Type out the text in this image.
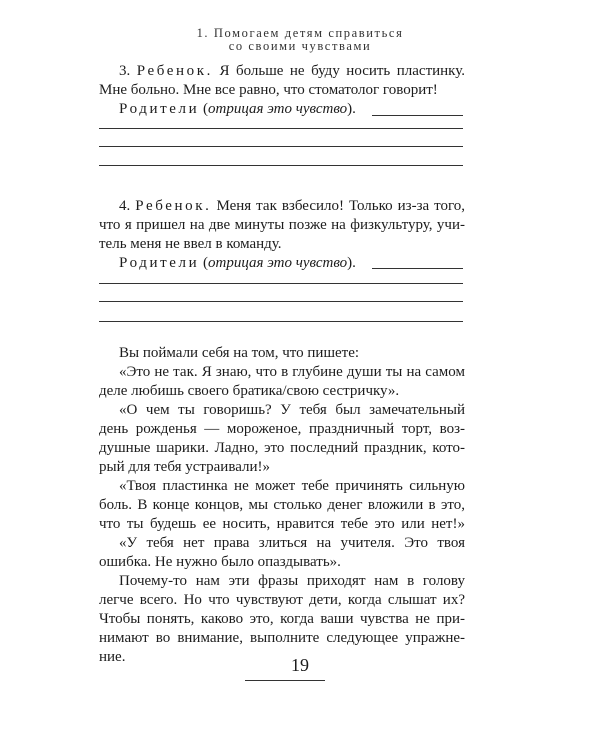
1. Помогаем детям справиться
со своими чувствами
3. Ребенок. Я больше не буду носить пластинку.
Мне больно. Мне все равно, что стоматолог говорит!
Родители (отрицая это чувство).
4. Ребенок. Меня так взбесило! Только из-за того,
что я пришел на две минуты позже на физкультуру, учи-
тель меня не ввел в команду.
Родители (отрицая это чувство).
Вы поймали себя на том, что пишете:
«Это не так. Я знаю, что в глубине души ты на самом
деле любишь своего братика/свою сестричку».
«О чем ты говоришь? У тебя был замечательный
день рожденья — мороженое, праздничный торт, воз-
душные шарики. Ладно, это последний праздник, кото-
рый для тебя устраивали!»
«Твоя пластинка не может тебе причинять сильную
боль. В конце концов, мы столько денег вложили в это,
что ты будешь ее носить, нравится тебе это или нет!»
«У тебя нет права злиться на учителя. Это твоя
ошибка. Не нужно было опаздывать».
Почему-то нам эти фразы приходят нам в голову
легче всего. Но что чувствуют дети, когда слышат их?
Чтобы понять, каково это, когда ваши чувства не при-
нимают во внимание, выполните следующее упражне-
ние.	19
